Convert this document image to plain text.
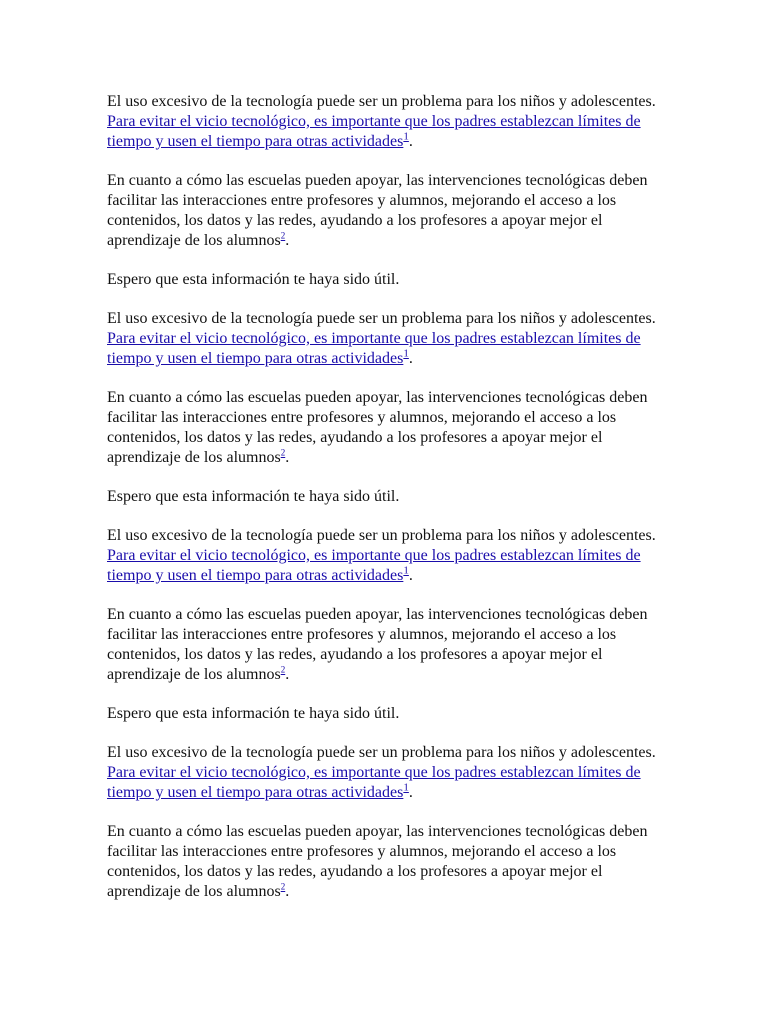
El uso excesivo de la tecnología puede ser un problema para los niños y adolescentes. Para evitar el vicio tecnológico, es importante que los padres establezcan límites de tiempo y usen el tiempo para otras actividades$^1$.

En cuanto a cómo las escuelas pueden apoyar, las intervenciones tecnológicas deben facilitar las interacciones entre profesores y alumnos, mejorando el acceso a los contenidos, los datos y las redes, ayudando a los profesores a apoyar mejor el aprendizaje de los alumnos$^2$.

Espero que esta información te haya sido útil.

El uso excesivo de la tecnología puede ser un problema para los niños y adolescentes. Para evitar el vicio tecnológico, es importante que los padres establezcan límites de tiempo y usen el tiempo para otras actividades$^1$.

En cuanto a cómo las escuelas pueden apoyar, las intervenciones tecnológicas deben facilitar las interacciones entre profesores y alumnos, mejorando el acceso a los contenidos, los datos y las redes, ayudando a los profesores a apoyar mejor el aprendizaje de los alumnos$^2$.

Espero que esta información te haya sido útil.

El uso excesivo de la tecnología puede ser un problema para los niños y adolescentes. Para evitar el vicio tecnológico, es importante que los padres establezcan límites de tiempo y usen el tiempo para otras actividades$^1$.

En cuanto a cómo las escuelas pueden apoyar, las intervenciones tecnológicas deben facilitar las interacciones entre profesores y alumnos, mejorando el acceso a los contenidos, los datos y las redes, ayudando a los profesores a apoyar mejor el aprendizaje de los alumnos$^2$.

Espero que esta información te haya sido útil.

El uso excesivo de la tecnología puede ser un problema para los niños y adolescentes. Para evitar el vicio tecnológico, es importante que los padres establezcan límites de tiempo y usen el tiempo para otras actividades$^1$.

En cuanto a cómo las escuelas pueden apoyar, las intervenciones tecnológicas deben facilitar las interacciones entre profesores y alumnos, mejorando el acceso a los contenidos, los datos y las redes, ayudando a los profesores a apoyar mejor el aprendizaje de los alumnos$^2$.
